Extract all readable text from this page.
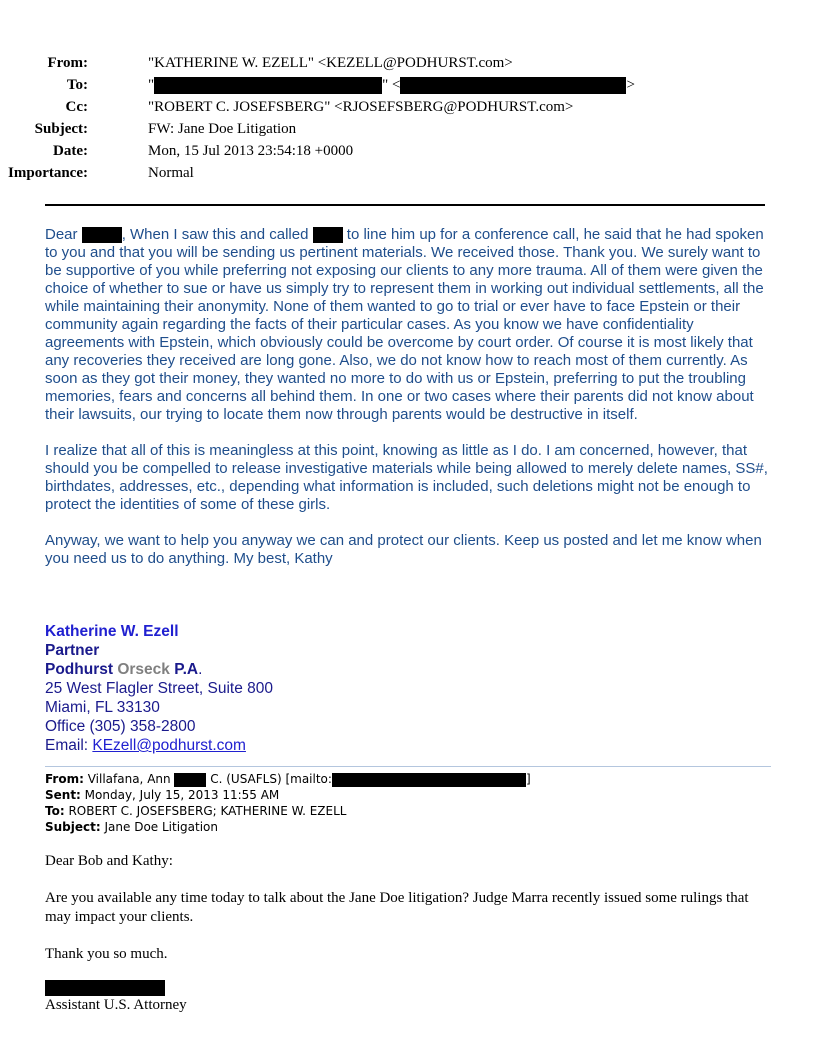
From:	"KATHERINE W. EZELL" <KEZELL@PODHURST.com>
To:	"	" <	>
Cc:	"ROBERT C. JOSEFSBERG" <RJOSEFSBERG@PODHURST.com>
Subject:	FW: Jane Doe Litigation
Date:	Mon, 15 Jul 2013 23:54:18 +0000
Importance:	Normal

Dear	, When I saw this and called  to line him up for a conference call, he said that he had spoken to you and that you will be sending us pertinent materials. We received those. Thank you. We surely want to be supportive of you while preferring not exposing our clients to any more trauma. All of them were given the choice of whether to sue or have us simply try to represent them in working out individual settlements, all the while maintaining their anonymity. None of them wanted to go to trial or ever have to face Epstein or their community again regarding the facts of their particular cases. As you know we have confidentiality agreements with Epstein, which obviously could be overcome by court order. Of course it is most likely that any recoveries they received are long gone. Also, we do not know how to reach most of them currently. As soon as they got their money, they wanted no more to do with us or Epstein, preferring to put the troubling memories, fears and concerns all behind them. In one or two cases where their parents did not know about their lawsuits, our trying to locate them now through parents would be destructive in itself.

I realize that all of this is meaningless at this point, knowing as little as I do. I am concerned, however, that should you be compelled to release investigative materials while being allowed to merely delete names, SS#, birthdates, addresses, etc., depending what information is included, such deletions might not be enough to protect the identities of some of these girls.

Anyway, we want to help you anyway we can and protect our clients. Keep us posted and let me know when you need us to do anything. My best, Kathy

Katherine W. Ezell
Partner
Podhurst Orseck P.A.
25 West Flagler Street, Suite 800
Miami, FL 33130
Office (305) 358-2800
Email: KEzell@podhurst.com
From: Villafana, Ann	C. (USAFLS) [mailto:	]
Sent: Monday, July 15, 2013 11:55 AM
To: ROBERT C. JOSEFSBERG; KATHERINE W. EZELL
Subject: Jane Doe Litigation

Dear Bob and Kathy:

Are you available any time today to talk about the Jane Doe litigation? Judge Marra recently issued some rulings that may impact your clients.

Thank you so much.

Assistant U.S. Attorney
